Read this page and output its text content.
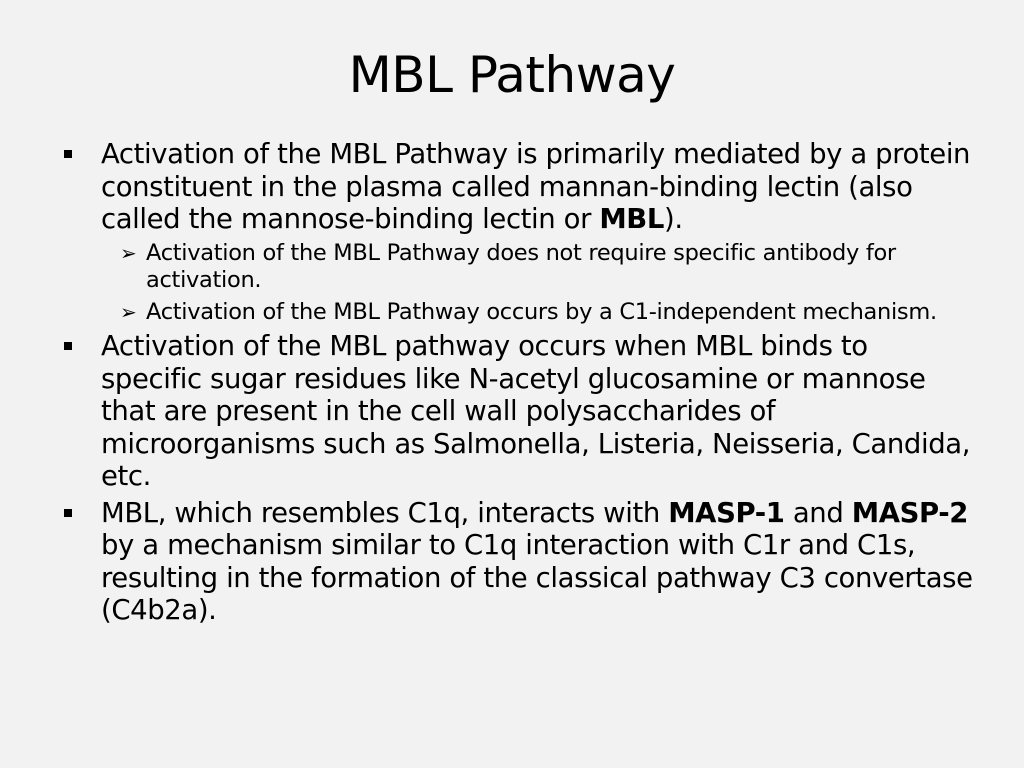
MBL Pathway
Activation of the MBL Pathway is primarily mediated by a protein constituent in the plasma called mannan-binding lectin (also called the mannose-binding lectin or MBL).
➢ Activation of the MBL Pathway does not require specific antibody for activation.
➢ Activation of the MBL Pathway occurs by a C1-independent mechanism.
Activation of the MBL pathway occurs when MBL binds to specific sugar residues like N-acetyl glucosamine or mannose that are present in the cell wall polysaccharides of microorganisms such as Salmonella, Listeria, Neisseria, Candida, etc.
MBL, which resembles C1q, interacts with MASP-1 and MASP-2 by a mechanism similar to C1q interaction with C1r and C1s, resulting in the formation of the classical pathway C3 convertase (C4b2a).
